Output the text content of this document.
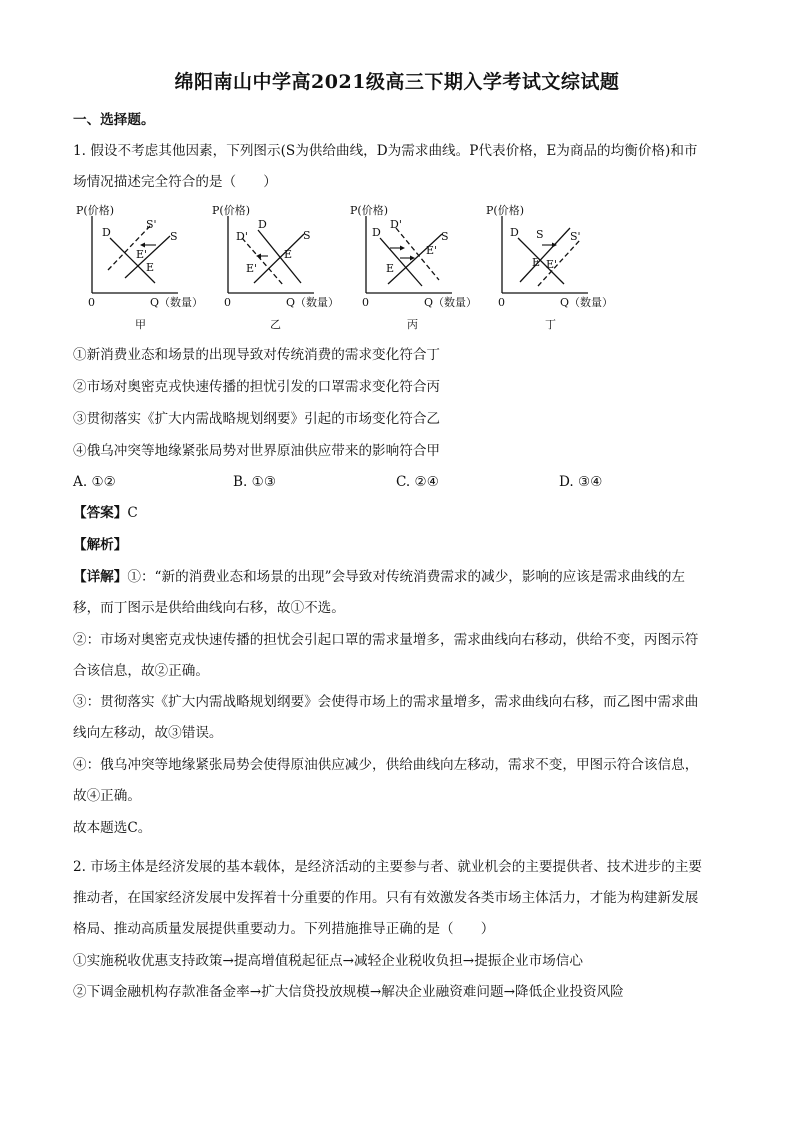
绵阳南山中学高2021级高三下期入学考试文综试题
一、选择题。
1. 假设不考虑其他因素，下列图示(S为供给曲线，D为需求曲线。P代表价格，E为商品的均衡价格)和市
场情况描述完全符合的是（　　）
P(价格)
Q（数量）
0
D	S
S'
E'
E
甲
P(价格)
Q（数量）
0
D
D'	S
E'
E
乙
P(价格)
Q（数量）
0
D
D'
S
E'
E
丙
P(价格)
Q（数量）
0
D S S'
E E'
丁
①新消费业态和场景的出现导致对传统消费的需求变化符合丁
②市场对奥密克戎快速传播的担忧引发的口罩需求变化符合丙
③贯彻落实《扩大内需战略规划纲要》引起的市场变化符合乙
④俄乌冲突等地缘紧张局势对世界原油供应带来的影响符合甲
A. ①②	B. ①③	C. ②④	D. ③④
【答案】C
【解析】
【详解】①：“新的消费业态和场景的出现”会导致对传统消费需求的减少，影响的应该是需求曲线的左
移，而丁图示是供给曲线向右移，故①不选。
②：市场对奥密克戎快速传播的担忧会引起口罩的需求量增多，需求曲线向右移动，供给不变，丙图示符
合该信息，故②正确。
③：贯彻落实《扩大内需战略规划纲要》会使得市场上的需求量增多，需求曲线向右移，而乙图中需求曲
线向左移动，故③错误。
④：俄乌冲突等地缘紧张局势会使得原油供应减少，供给曲线向左移动，需求不变，甲图示符合该信息，
故④正确。
故本题选C。
2. 市场主体是经济发展的基本载体，是经济活动的主要参与者、就业机会的主要提供者、技术进步的主要
推动者，在国家经济发展中发挥着十分重要的作用。只有有效激发各类市场主体活力，才能为构建新发展
格局、推动高质量发展提供重要动力。下列措施推导正确的是（　　）
①实施税收优惠支持政策→提高增值税起征点→减轻企业税收负担→提振企业市场信心
②下调金融机构存款准备金率→扩大信贷投放规模→解决企业融资难问题→降低企业投资风险
